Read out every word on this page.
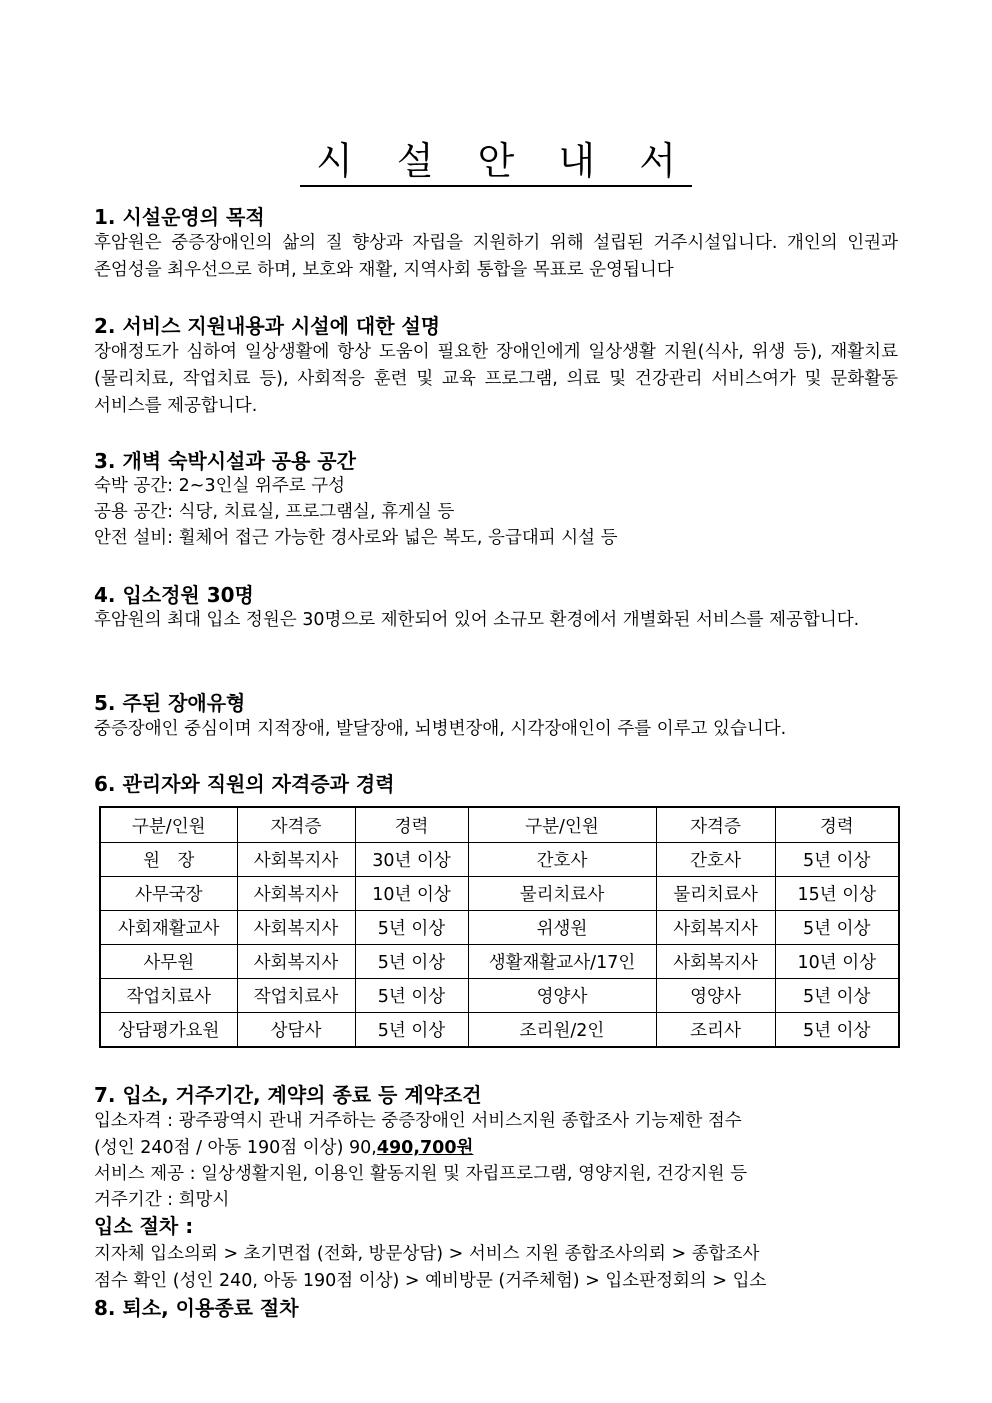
시 설 안 내 서
1. 시설운영의 목적
후암원은 중증장애인의 삶의 질 향상과 자립을 지원하기 위해 설립된 거주시설입니다. 개인의 인권과 존엄성을 최우선으로 하며, 보호와 재활, 지역사회 통합을 목표로 운영됩니다
2. 서비스 지원내용과 시설에 대한 설명
장애정도가 심하여 일상생활에 항상 도움이 필요한 장애인에게 일상생활 지원(식사, 위생 등), 재활치료(물리치료, 작업치료 등), 사회적응 훈련 및 교육 프로그램, 의료 및 건강관리 서비스여가 및 문화활동 서비스를 제공합니다.
3. 개벽 숙박시설과 공용 공간
숙박 공간: 2~3인실 위주로 구성
공용 공간: 식당, 치료실, 프로그램실, 휴게실 등
안전 설비: 휠체어 접근 가능한 경사로와 넓은 복도, 응급대피 시설 등
4. 입소정원 30명
후암원의 최대 입소 정원은 30명으로 제한되어 있어 소규모 환경에서 개별화된 서비스를 제공합니다.
5. 주된 장애유형
중증장애인 중심이며 지적장애, 발달장애, 뇌병변장애, 시각장애인이 주를 이루고 있습니다.
6. 관리자와 직원의 자격증과 경력
구분/인원	자격증	경력	구분/인원	자격증	경력
원　장	사회복지사	30년 이상	간호사	간호사	5년 이상
사무국장	사회복지사	10년 이상	물리치료사	물리치료사	15년 이상
사회재활교사	사회복지사	5년 이상	위생원	사회복지사	5년 이상
사무원	사회복지사	5년 이상	생활재활교사/17인	사회복지사	10년 이상
작업치료사	작업치료사	5년 이상	영양사	영양사	5년 이상
상담평가요원	상담사	5년 이상	조리원/2인	조리사	5년 이상
7. 입소, 거주기간, 계약의 종료 등 계약조건
입소자격 : 광주광역시 관내 거주하는 중증장애인 서비스지원 종합조사 기능제한 점수
(성인 240점 / 아동 190점 이상) 90,490,700원
서비스 제공 : 일상생활지원, 이용인 활동지원 및 자립프로그램, 영양지원, 건강지원 등
거주기간 : 희망시
입소 절차 :
지자체 입소의뢰 > 초기면접 (전화, 방문상담) > 서비스 지원 종합조사의뢰 > 종합조사
점수 확인 (성인 240, 아동 190점 이상) > 예비방문 (거주체험) > 입소판정회의 > 입소
8. 퇴소, 이용종료 절차
